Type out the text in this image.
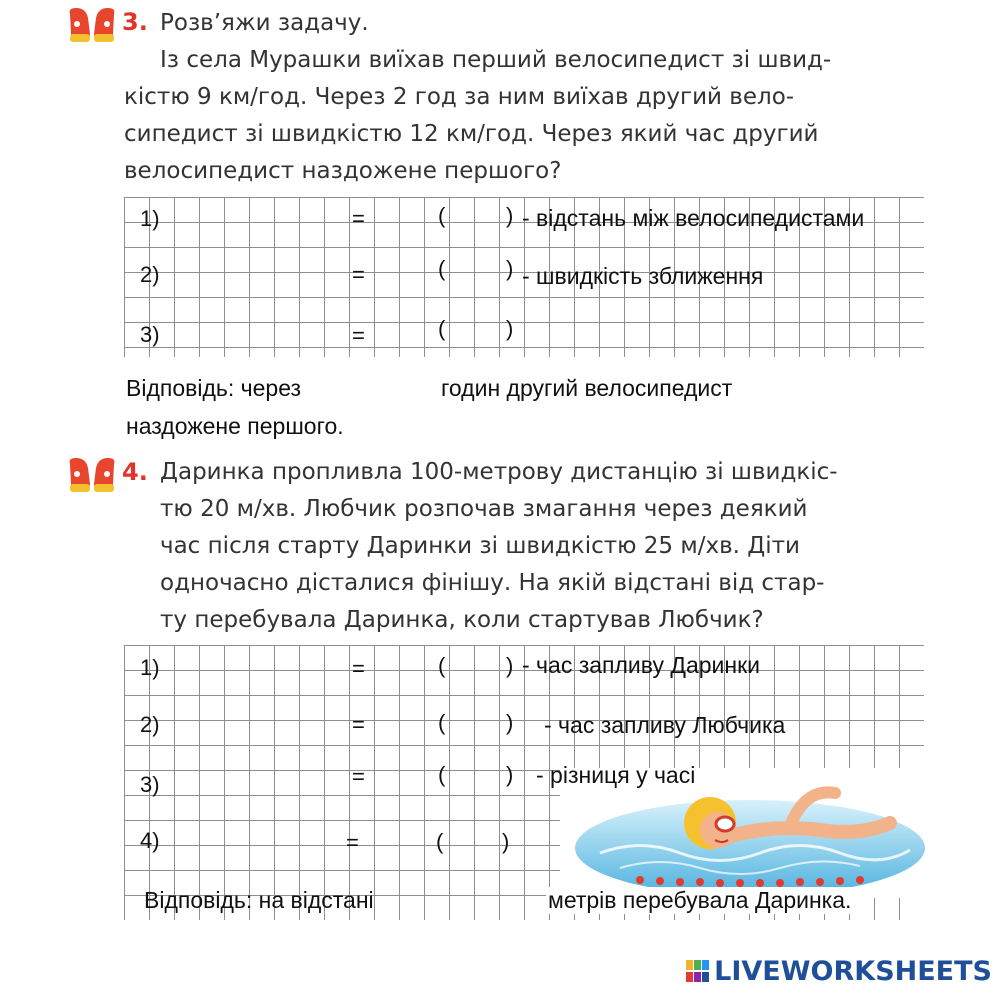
3. Розв’яжи задачу.
Із села Мурашки виїхав перший велосипедист зі швид-
кістю 9 км/год. Через 2 год за ним виїхав другий вело-
сипедист зі швидкістю 12 км/год. Через який час другий
велосипедист наздожене першого?
1)	=	(	) - відстань між велосипедистами
2)	=	(	) - швидкість зближення
3)	=	(	)
Відповідь: через	годин другий велосипедист
наздожене першого.
4. Даринка пропливла 100-метрову дистанцію зі швидкіс-
тю 20 м/хв. Любчик розпочав змагання через деякий
час після старту Даринки зі швидкістю 25 м/хв. Діти
одночасно дісталися фінішу. На якій відстані від стар-
ту перебувала Даринка, коли стартував Любчик?
1)	=	(	) - час запливу Даринки
2)	=	(	) - час запливу Любчика
3)	=	(	) - різниця у часі
4)	=	(	)
Відповідь: на відстані	метрів перебувала Даринка.
LIVEWORKSHEETS
